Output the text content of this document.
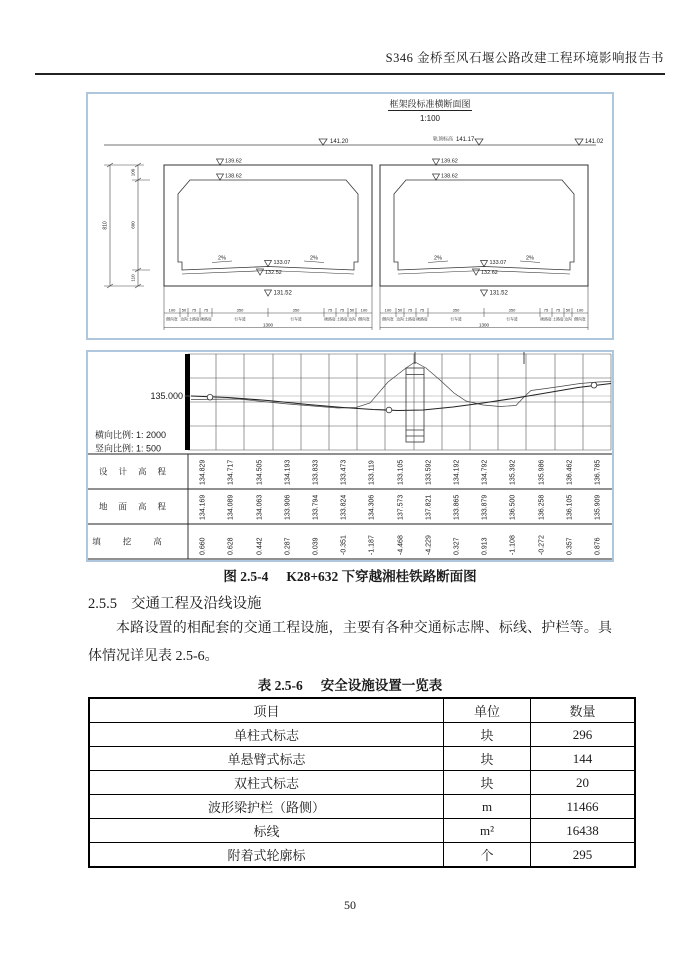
S346 金桥至风石堰公路改建工程环境影响报告书
框架段标准横断面图
1:100
141.20	轨顶标高 141.17	141.02
139.62
138.62
2%	2%
133.07
132.52
131.52
139.62
138.62
2%	2%
133.07
132.62
131.52
810
100
600
110
100 50 75 75	350	350	75 75 50 100
侧向宽 边沟 土路肩 硬路肩	行车道	行车道	硬路肩 土路肩 边沟 侧向宽
1300
100 50 75 75	350	350	75 75 50 100
侧向宽 边沟 土路肩 硬路肩	行车道	行车道	硬路肩 土路肩 边沟 侧向宽
1300
135.000
横向比例: 1: 2000
竖向比例: 1: 500
设计高程
地面高程
填挖高
134.829	134.717	134.505	134.193	133.833	133.473	133.119	133.105	133.592	134.192	134.792	135.392	135.986	136.462	136.785
134.169	134.089	134.063	133.906	133.794	133.824	134.306	137.573	137.821	133.865	133.879	136.500	136.258	136.105	135.909
0.660	0.628	0.442	0.287	0.039	-0.351	-1.187	-4.468	-4.229	0.327	0.913	-1.108	-0.272	0.357	0.876
图 2.5-4 K28+632 下穿越湘桂铁路断面图
2.5.5 交通工程及沿线设施
本路设置的相配套的交通工程设施，主要有各种交通标志牌、标线、护栏等。具体情况详见表 2.5-6。
表 2.5-6 安全设施设置一览表
项目	单位	数量
单柱式标志	块	296
单悬臂式标志	块	144
双柱式标志	块	20
波形梁护栏（路侧）	m	11466
标线	m²	16438
附着式轮廓标	个	295
50
